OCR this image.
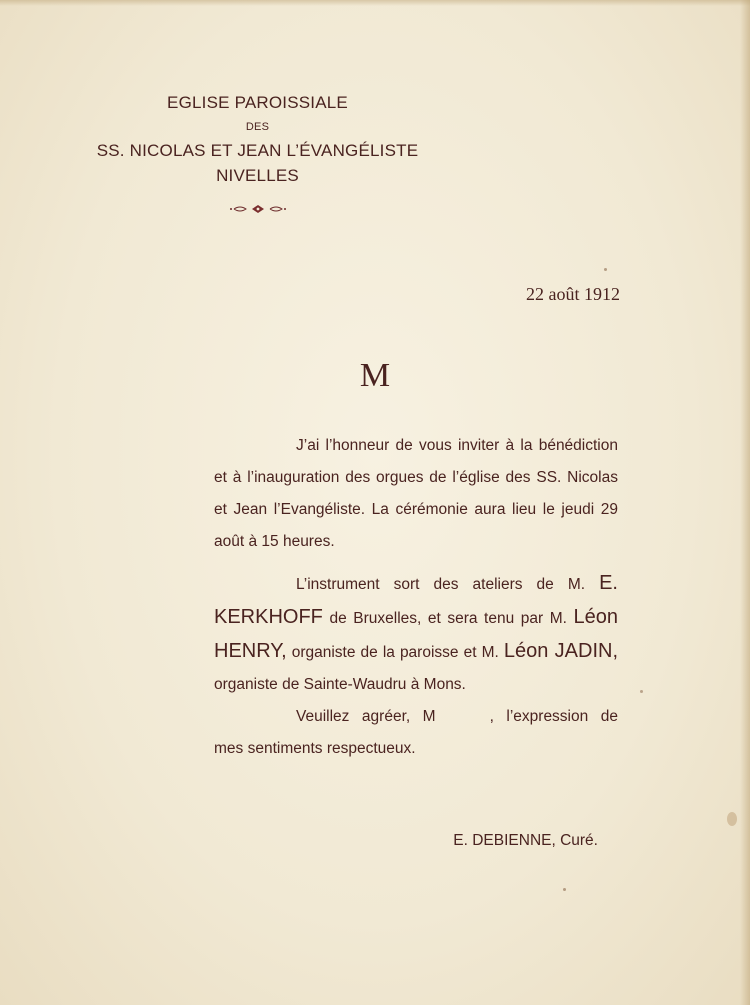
EGLISE PAROISSIALE
DES
SS. NICOLAS ET JEAN L’ÉVANGÉLISTE
NIVELLES
22 août 1912
M

J’ai l’honneur de vous inviter à la bénédiction et à l’inauguration des orgues de l’église des SS. Nicolas et Jean l’Evangéliste. La cérémonie aura lieu le jeudi 29 août à 15 heures.

L’instrument sort des ateliers de M. E. KERKHOFF de Bruxelles, et sera tenu par M. Léon HENRY, organiste de la paroisse et M. Léon JADIN, organiste de Sainte-Waudru à Mons.

Veuillez agréer, M	, l’expression de mes sentiments respectueux.

E. DEBIENNE, Curé.
